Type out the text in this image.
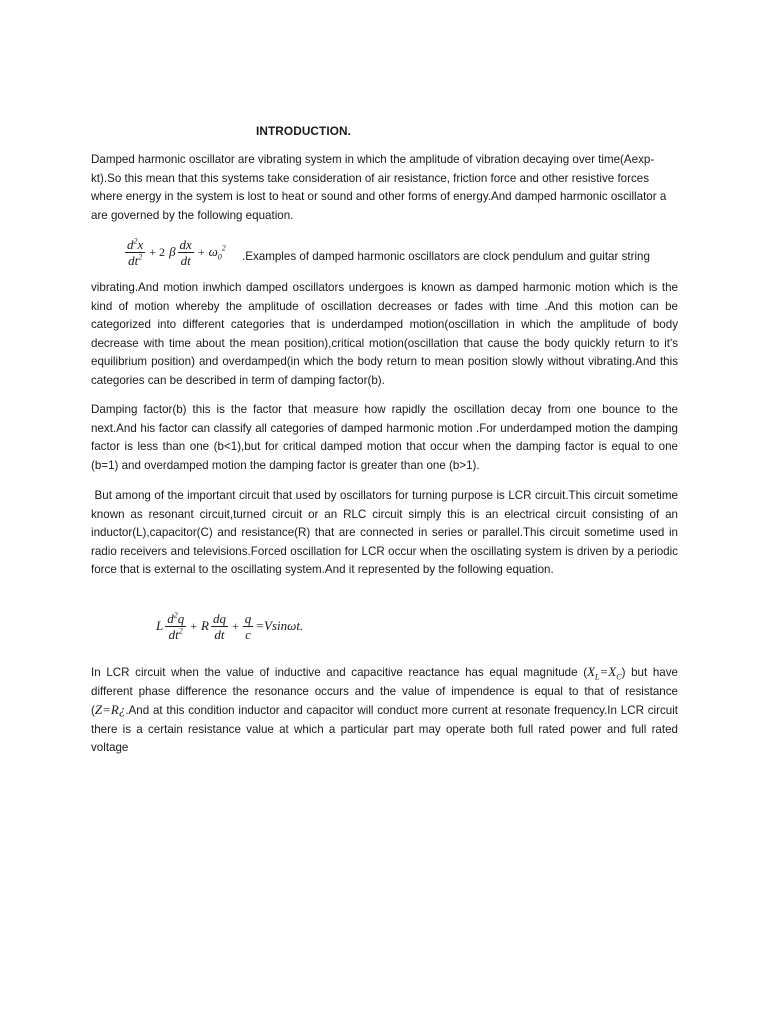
INTRODUCTION.

Damped harmonic oscillator are vibrating system in which the amplitude of vibration decaying over time(Aexp-kt).So this mean that this systems take consideration of air resistance, friction force and other resistive forces where energy in the system is lost to heat or sound and other forms of energy.And damped harmonic oscillator a are governed by the following equation.

$\frac{d^2x}{dt^2} + 2$ β $\frac{dx}{dt} + \omega_0^2$
.Examples of damped harmonic oscillators are clock pendulum and guitar string

vibrating.And motion inwhich damped oscillators undergoes is known as damped harmonic motion which is the kind of motion whereby the amplitude of oscillation decreases or fades with time .And this motion can be categorized into different categories that is underdamped motion(oscillation in which the amplitude of body decrease with time about the mean position),critical motion(oscillation that cause the body quickly return to it's equilibrium position) and overdamped(in which the body return to mean position slowly without vibrating.And this categories can be described in term of damping factor(b).

Damping factor(b) this is the factor that measure how rapidly the oscillation decay from one bounce to the next.And his factor can classify all categories of damped harmonic motion .For underdamped motion the damping factor is less than one (b<1),but for critical damped motion that occur when the damping factor is equal to one (b=1) and overdamped motion the damping factor is greater than one (b>1).

But among of the important circuit that used by oscillators for turning purpose is LCR circuit.This circuit sometime known as resonant circuit,turned circuit or an RLC circuit simply this is an electrical circuit consisting of an inductor(L),capacitor(C) and resistance(R) that are connected in series or parallel.This circuit sometime used in radio receivers and televisions.Forced oscillation for LCR occur when the oscillating system is driven by a periodic force that is external to the oscillating system.And it represented by the following equation.

L $\frac{d^2q}{dt^2} + R \frac{dq}{dt} + \frac{q}{c} =Vsin\omega t$.

In LCR circuit when the value of inductive and capacitive reactance has equal magnitude $(X_L=X_C)$ but have different phase difference the resonance occurs and the value of impendence is equal to that of resistance (Z=R¿.And at this condition inductor and capacitor will conduct more current at resonate frequency.In LCR circuit there is a certain resistance value at which a particular part may operate both full rated power and full rated voltage
